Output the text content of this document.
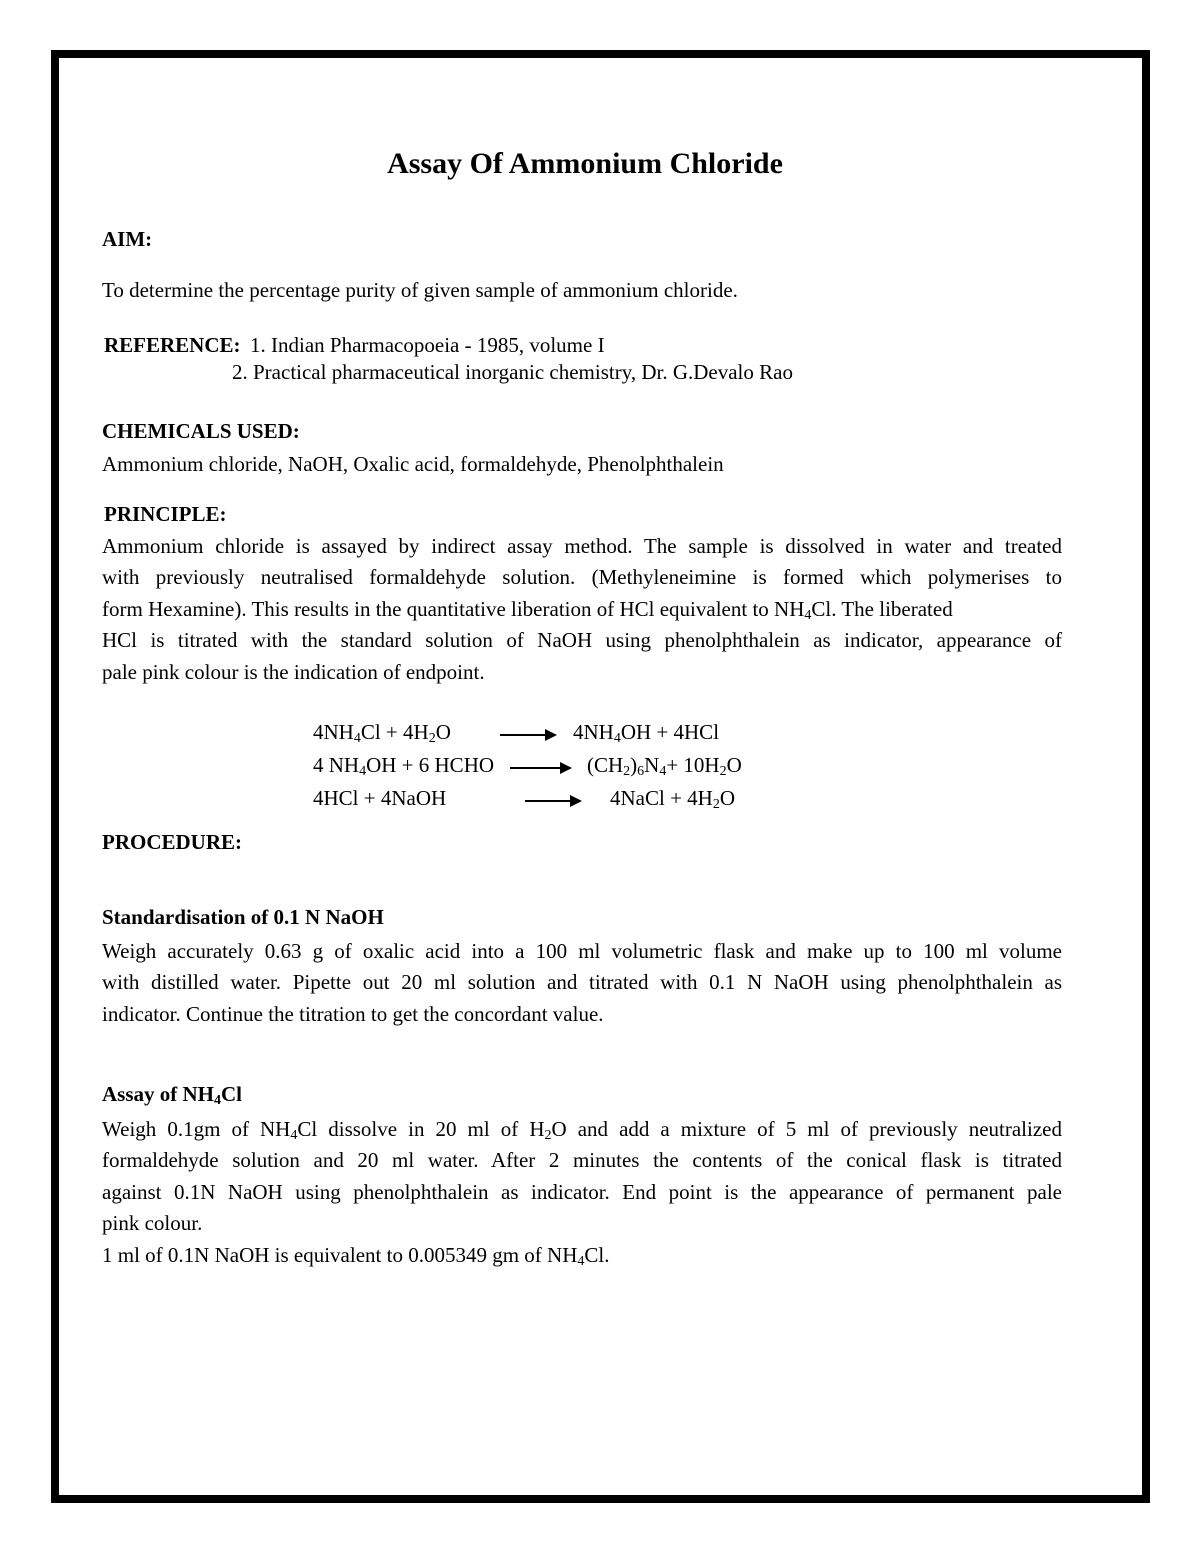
Assay Of Ammonium Chloride
AIM:
To determine the percentage purity of given sample of ammonium chloride.
REFERENCE: 1. Indian Pharmacopoeia - 1985, volume I
2. Practical pharmaceutical inorganic chemistry, Dr. G.Devalo Rao
CHEMICALS USED:
Ammonium chloride, NaOH, Oxalic acid, formaldehyde, Phenolphthalein
PRINCIPLE:
Ammonium chloride is assayed by indirect assay method. The sample is dissolved in water and treated
with previously neutralised formaldehyde solution. (Methyleneimine is formed which polymerises to
form Hexamine). This results in the quantitative liberation of HCl equivalent to $NH_4Cl$. The liberated
HCl is titrated with the standard solution of NaOH using phenolphthalein as indicator, appearance of
pale pink colour is the indication of endpoint.
$4NH_4Cl + 4H_2O$	$4NH_4OH + 4HCl$
4 $NH_4OH + 6$ HCHO	$(CH_2)_6N_4+ 10H_2O$
4HCl + 4NaOH	4NaCl + $4H_2O$
PROCEDURE:
Standardisation of 0.1 N NaOH
Weigh accurately 0.63 g of oxalic acid into a 100 ml volumetric flask and make up to 100 ml volume
with distilled water. Pipette out 20 ml solution and titrated with 0.1 N NaOH using phenolphthalein as
indicator. Continue the titration to get the concordant value.
Assay of $NH_4Cl$
Weigh 0.1gm of $NH_4Cl$ dissolve in 20 ml of $H_2O$ and add a mixture of 5 ml of previously neutralized
formaldehyde solution and 20 ml water. After 2 minutes the contents of the conical flask is titrated
against 0.1N NaOH using phenolphthalein as indicator. End point is the appearance of permanent pale
pink colour.
1 ml of 0.1N NaOH is equivalent to 0.005349 gm of $NH_4Cl$.
